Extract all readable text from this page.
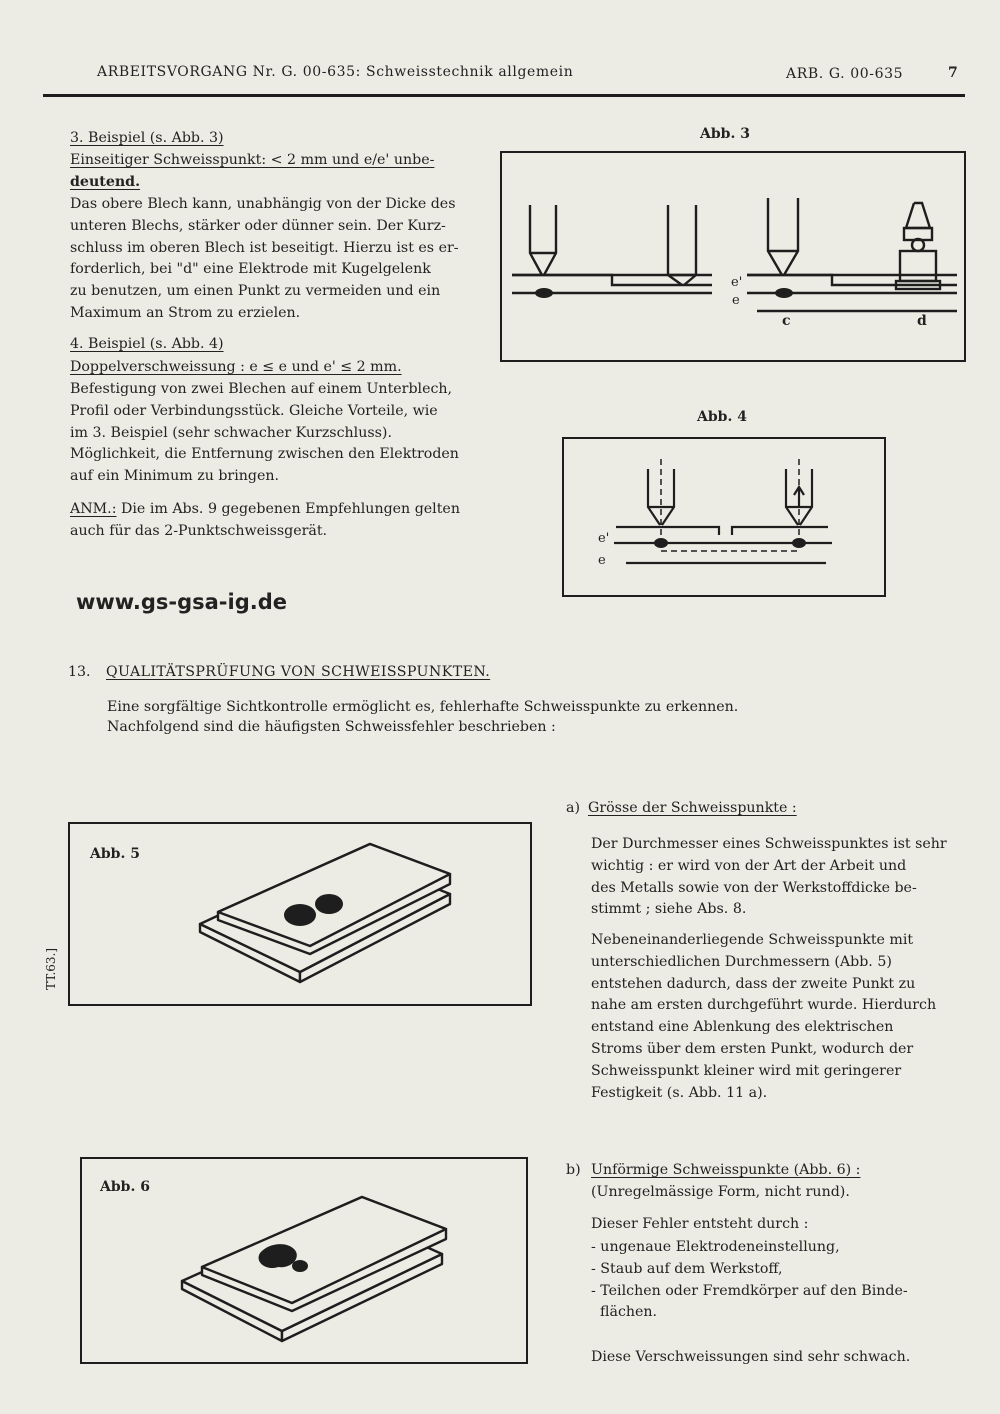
ARBEITSVORGANG Nr. G. 00-635: Schweisstechnik allgemein	ARB. G. 00-635	7
3. Beispiel (s. Abb. 3)
Einseitiger Schweisspunkt: < 2 mm und e/e' unbe-
deutend.
Das obere Blech kann, unabhängig von der Dicke des
unteren Blechs, stärker oder dünner sein. Der Kurz-
schluss im oberen Blech ist beseitigt. Hierzu ist es er-
forderlich, bei "d" eine Elektrode mit Kugelgelenk
zu benutzen, um einen Punkt zu vermeiden und ein
Maximum an Strom zu erzielen.
4. Beispiel (s. Abb. 4)
Doppelverschweissung : e ≤ e und e' ≤ 2 mm.
Befestigung von zwei Blechen auf einem Unterblech,
Profil oder Verbindungsstück. Gleiche Vorteile, wie
im 3. Beispiel (sehr schwacher Kurzschluss).
Möglichkeit, die Entfernung zwischen den Elektroden
auf ein Minimum zu bringen.
ANM.: Die im Abs. 9 gegebenen Empfehlungen gelten
auch für das 2-Punktschweissgerät.
www.gs-gsa-ig.de
13. QUALITÄTSPRÜFUNG VON SCHWEISSPUNKTEN.
Eine sorgfältige Sichtkontrolle ermöglicht es, fehlerhafte Schweisspunkte zu erkennen.
Nachfolgend sind die häufigsten Schweissfehler beschrieben :
Abb. 3
e'
e
c	d
Abb. 4
e'
e
Abb. 5
TT.63.]
Abb. 6
a) Grösse der Schweisspunkte :
Der Durchmesser eines Schweisspunktes ist sehr
wichtig : er wird von der Art der Arbeit und
des Metalls sowie von der Werkstoffdicke be-
stimmt ; siehe Abs. 8.
Nebeneinanderliegende Schweisspunkte mit
unterschiedlichen Durchmessern (Abb. 5)
entstehen dadurch, dass der zweite Punkt zu
nahe am ersten durchgeführt wurde. Hierdurch
entstand eine Ablenkung des elektrischen
Stroms über dem ersten Punkt, wodurch der
Schweisspunkt kleiner wird mit geringerer
Festigkeit (s. Abb. 11 a).
b) Unförmige Schweisspunkte (Abb. 6) :
(Unregelmässige Form, nicht rund).
Dieser Fehler entsteht durch :
- ungenaue Elektrodeneinstellung,
- Staub auf dem Werkstoff,
- Teilchen oder Fremdkörper auf den Binde-
flächen.
Diese Verschweissungen sind sehr schwach.
